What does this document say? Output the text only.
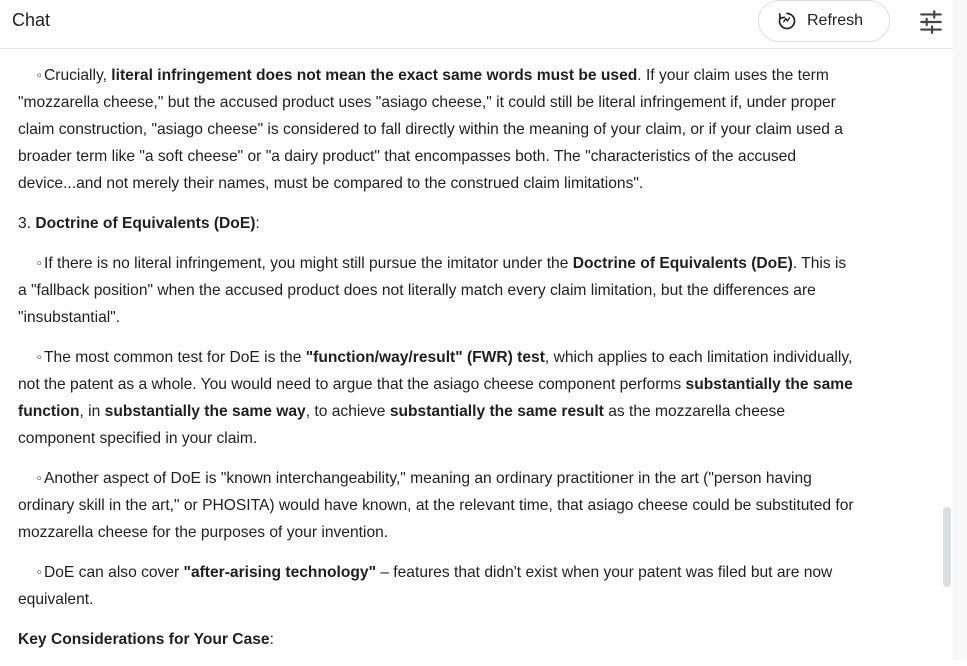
Chat	Refresh

◦ Crucially, literal infringement does not mean the exact same words must be used. If your claim uses the term "mozzarella cheese," but the accused product uses "asiago cheese," it could still be literal infringement if, under proper claim construction, "asiago cheese" is considered to fall directly within the meaning of your claim, or if your claim used a broader term like "a soft cheese" or "a dairy product" that encompasses both. The "characteristics of the accused device...and not merely their names, must be compared to the construed claim limitations".

3. Doctrine of Equivalents (DoE):

◦ If there is no literal infringement, you might still pursue the imitator under the Doctrine of Equivalents (DoE). This is a "fallback position" when the accused product does not literally match every claim limitation, but the differences are "insubstantial".

◦ The most common test for DoE is the "function/way/result" (FWR) test, which applies to each limitation individually, not the patent as a whole. You would need to argue that the asiago cheese component performs substantially the same function, in substantially the same way, to achieve substantially the same result as the mozzarella cheese component specified in your claim.

◦ Another aspect of DoE is "known interchangeability," meaning an ordinary practitioner in the art ("person having ordinary skill in the art," or PHOSITA) would have known, at the relevant time, that asiago cheese could be substituted for mozzarella cheese for the purposes of your invention.

◦ DoE can also cover "after-arising technology" – features that didn't exist when your patent was filed but are now equivalent.

Key Considerations for Your Case:
